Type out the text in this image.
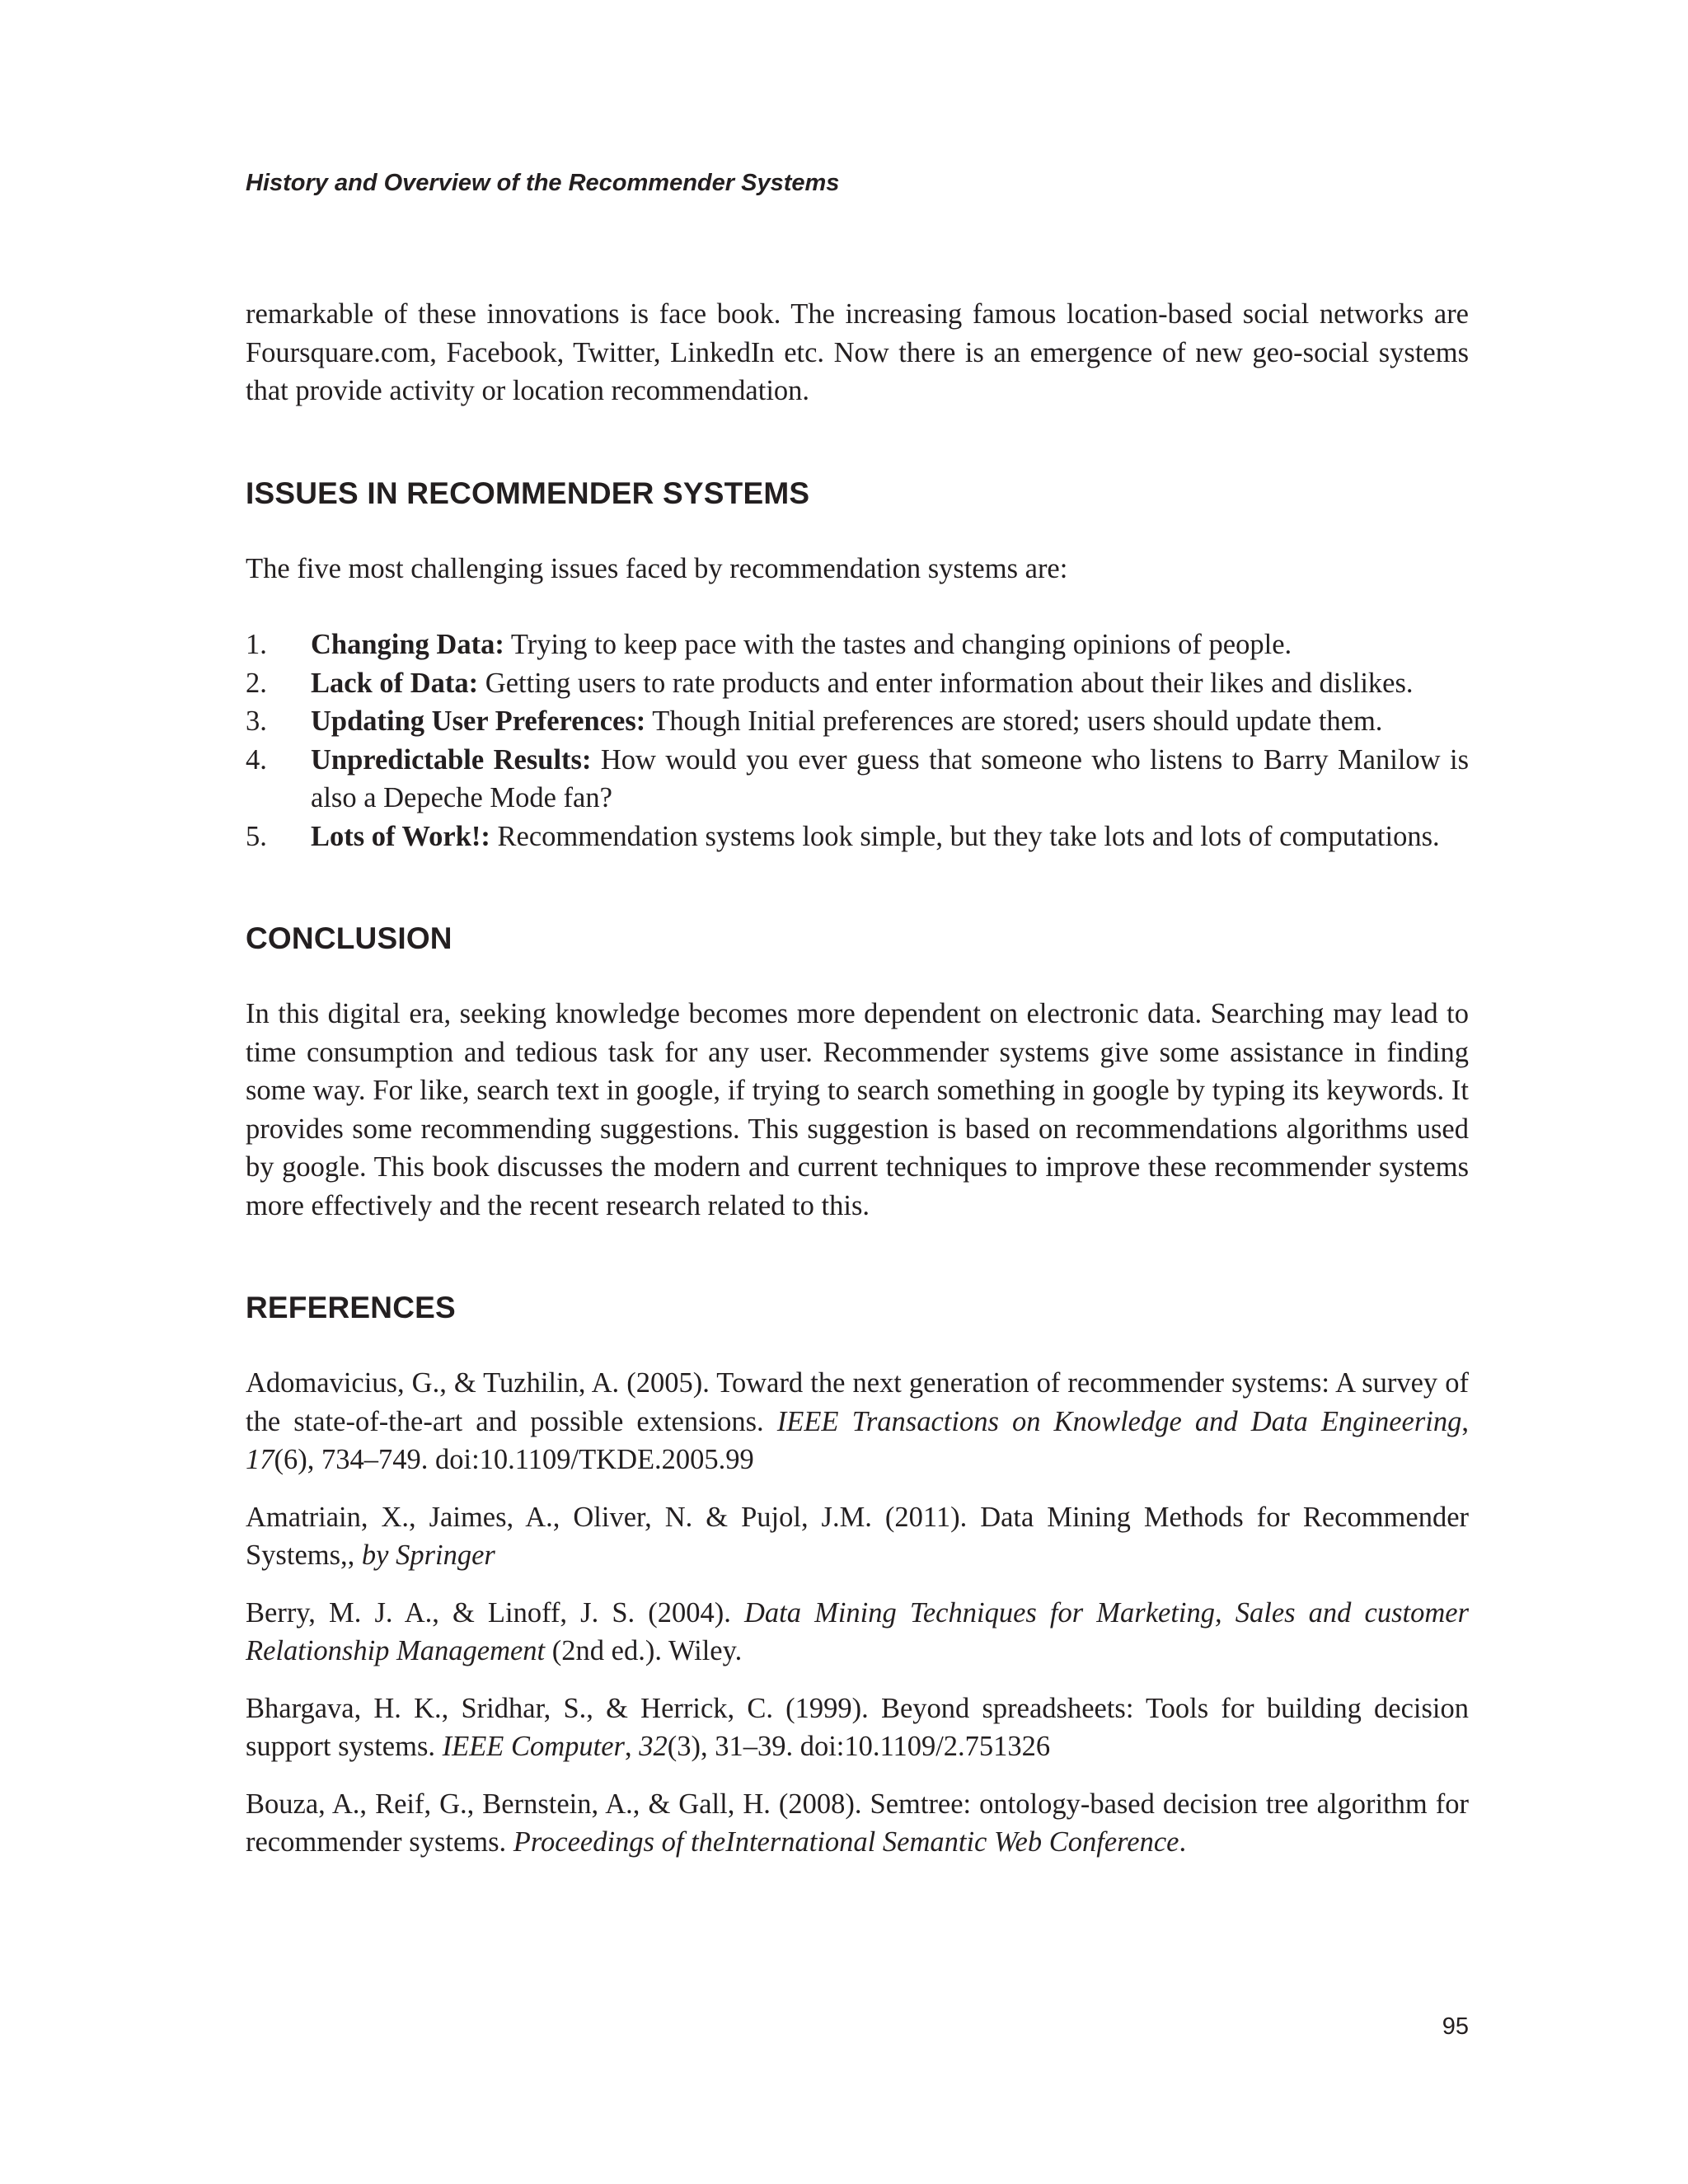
History and Overview of the Recommender Systems

remarkable of these innovations is face book. The increasing famous location-based social networks are Foursquare.com, Facebook, Twitter, LinkedIn etc. Now there is an emergence of new geo-social systems that provide activity or location recommendation.

ISSUES IN RECOMMENDER SYSTEMS

The five most challenging issues faced by recommendation systems are:

1. Changing Data: Trying to keep pace with the tastes and changing opinions of people.
2. Lack of Data: Getting users to rate products and enter information about their likes and dislikes.
3. Updating User Preferences: Though Initial preferences are stored; users should update them.
4. Unpredictable Results: How would you ever guess that someone who listens to Barry Manilow is also a Depeche Mode fan?
5. Lots of Work!: Recommendation systems look simple, but they take lots and lots of computations.
CONCLUSION

In this digital era, seeking knowledge becomes more dependent on electronic data. Searching may lead to time consumption and tedious task for any user. Recommender systems give some assistance in finding some way. For like, search text in google, if trying to search something in google by typing its keywords. It provides some recommending suggestions. This suggestion is based on recommendations algorithms used by google. This book discusses the modern and current techniques to improve these recommender systems more effectively and the recent research related to this.

REFERENCES

Adomavicius, G., & Tuzhilin, A. (2005). Toward the next generation of recommender systems: A survey of the state-of-the-art and possible extensions. IEEE Transactions on Knowledge and Data Engineering, 17(6), 734–749. doi:10.1109/TKDE.2005.99

Amatriain, X., Jaimes, A., Oliver, N. & Pujol, J.M. (2011). Data Mining Methods for Recommender Systems,, by Springer

Berry, M. J. A., & Linoff, J. S. (2004). Data Mining Techniques for Marketing, Sales and customer Relationship Management (2nd ed.). Wiley.

Bhargava, H. K., Sridhar, S., & Herrick, C. (1999). Beyond spreadsheets: Tools for building decision support systems. IEEE Computer, 32(3), 31–39. doi:10.1109/2.751326

Bouza, A., Reif, G., Bernstein, A., & Gall, H. (2008). Semtree: ontology-based decision tree algorithm for recommender systems. Proceedings of theInternational Semantic Web Conference.

95
